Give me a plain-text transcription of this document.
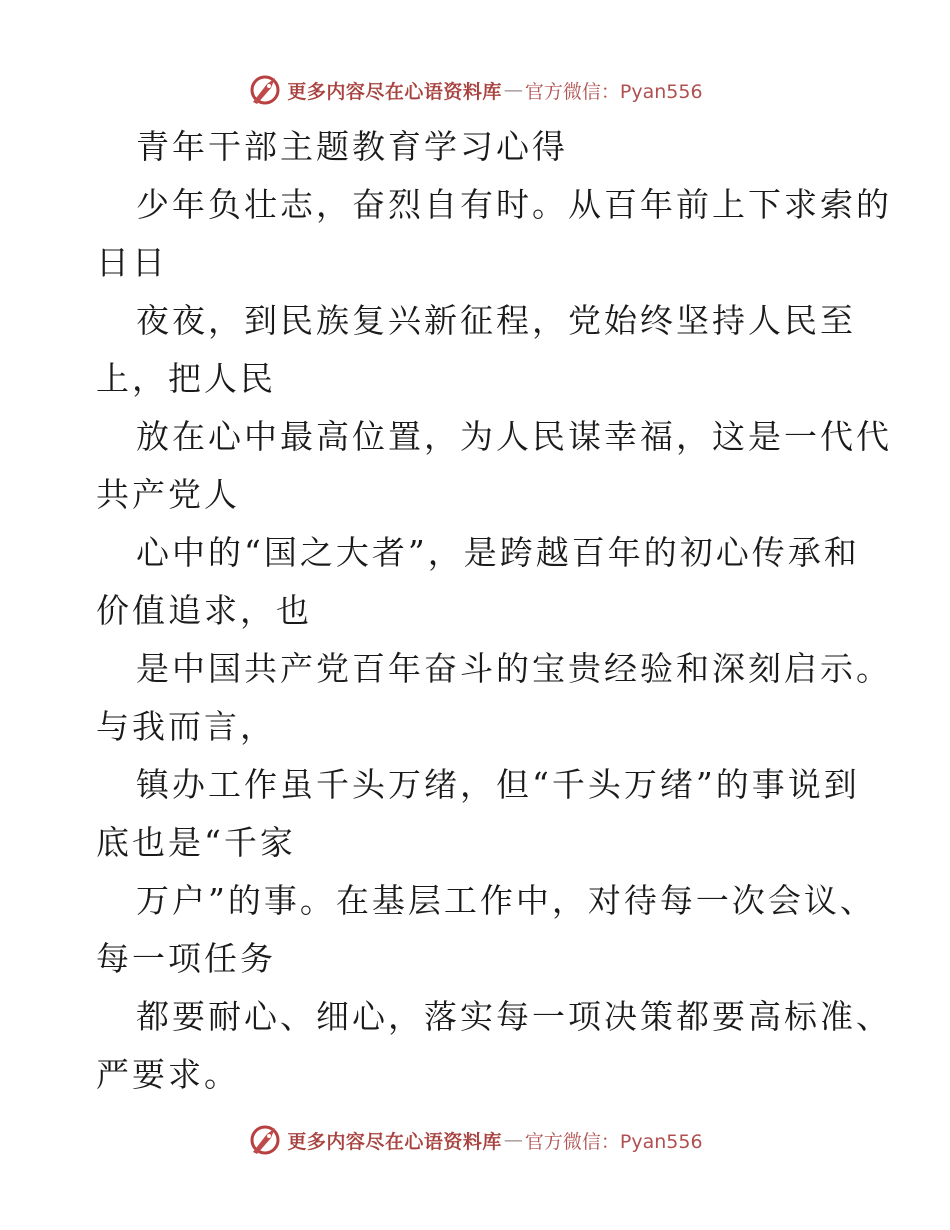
更多内容尽在心语资料库 — 官方微信：Pyan556
青年干部主题教育学习心得
少年负壮志，奋烈自有时。从百年前上下求索的
日日
夜夜，到民族复兴新征程，党始终坚持人民至
上，把人民
放在心中最高位置，为人民谋幸福，这是一代代
共产党人
心中的“国之大者”，是跨越百年的初心传承和
价值追求，也
是中国共产党百年奋斗的宝贵经验和深刻启示。
与我而言，
镇办工作虽千头万绪，但“千头万绪”的事说到
底也是“千家
万户”的事。在基层工作中，对待每一次会议、
每一项任务
都要耐心、细心，落实每一项决策都要高标准、
严要求。
更多内容尽在心语资料库 — 官方微信：Pyan556
